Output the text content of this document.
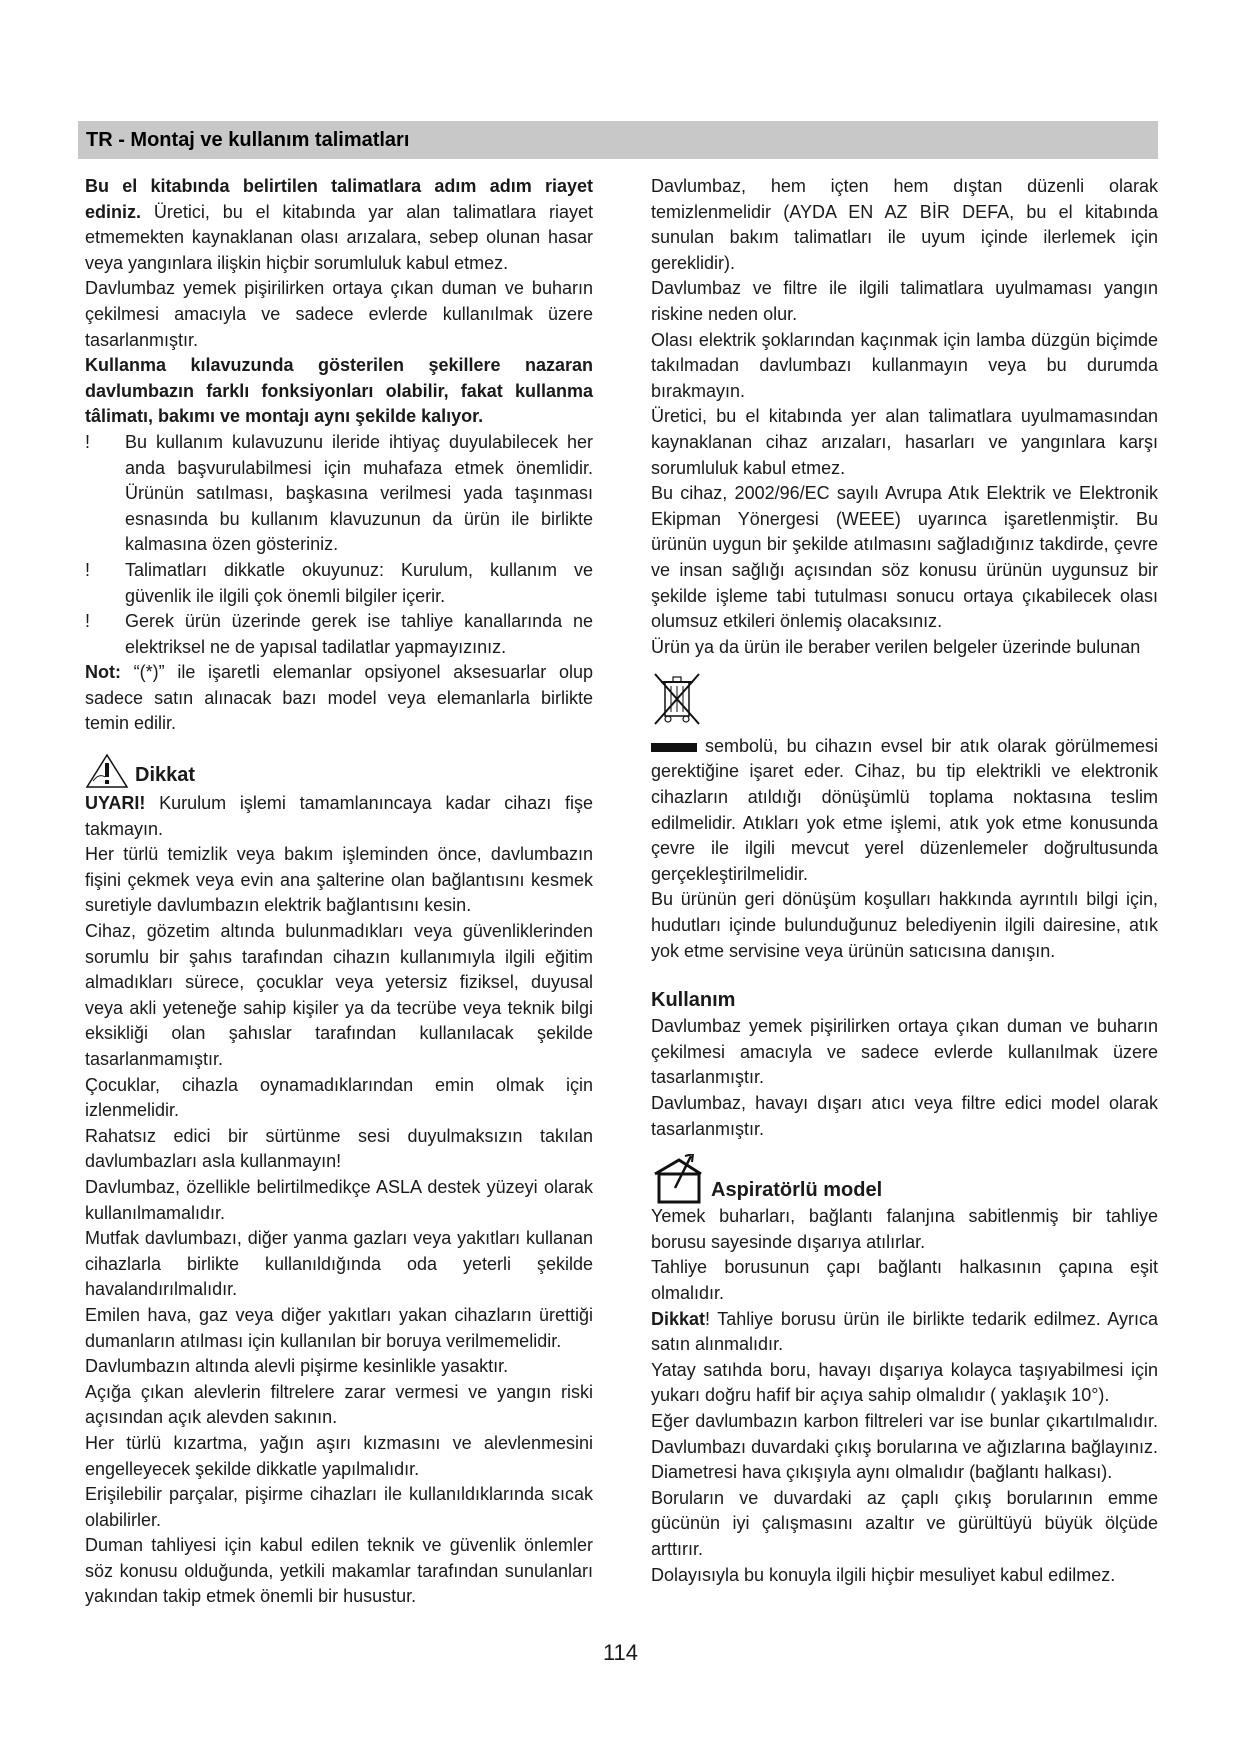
TR - Montaj ve kullanım talimatları

Bu el kitabında belirtilen talimatlara adım adım riayet ediniz. Üretici, bu el kitabında yar alan talimatlara riayet etmemekten kaynaklanan olası arızalara, sebep olunan hasar veya yangınlara ilişkin hiçbir sorumluluk kabul etmez.

Davlumbaz yemek pişirilirken ortaya çıkan duman ve buharın çekilmesi amacıyla ve sadece evlerde kullanılmak üzere tasarlanmıştır.

Kullanma kılavuzunda gösterilen şekillere nazaran davlumbazın farklı fonksiyonları olabilir, fakat kullanma tâlimatı, bakımı ve montajı aynı şekilde kalıyor.

! Bu kullanım kulavuzunu ileride ihtiyaç duyulabilecek her anda başvurulabilmesi için muhafaza etmek önemlidir. Ürünün satılması, başkasına verilmesi yada taşınması esnasında bu kullanım klavuzunun da ürün ile birlikte kalmasına özen gösteriniz.
! Talimatları dikkatle okuyunuz: Kurulum, kullanım ve güvenlik ile ilgili çok önemli bilgiler içerir.
! Gerek ürün üzerinde gerek ise tahliye kanallarında ne elektriksel ne de yapısal tadilatlar yapmayızınız.

Not: “(*)” ile işaretli elemanlar opsiyonel aksesuarlar olup sadece satın alınacak bazı model veya elemanlarla birlikte temin edilir.

Dikkat

UYARI! Kurulum işlemi tamamlanıncaya kadar cihazı fişe takmayın.

Her türlü temizlik veya bakım işleminden önce, davlumbazın fişini çekmek veya evin ana şalterine olan bağlantısını kesmek suretiyle davlumbazın elektrik bağlantısını kesin.

Cihaz, gözetim altında bulunmadıkları veya güvenliklerinden sorumlu bir şahıs tarafından cihazın kullanımıyla ilgili eğitim almadıkları sürece, çocuklar veya yetersiz fiziksel, duyusal veya akli yeteneğe sahip kişiler ya da tecrübe veya teknik bilgi eksikliği olan şahıslar tarafından kullanılacak şekilde tasarlanmamıştır.

Çocuklar, cihazla oynamadıklarından emin olmak için izlenmelidir.

Rahatsız edici bir sürtünme sesi duyulmaksızın takılan davlumbazları asla kullanmayın!

Davlumbaz, özellikle belirtilmedikçe ASLA destek yüzeyi olarak kullanılmamalıdır.

Mutfak davlumbazı, diğer yanma gazları veya yakıtları kullanan cihazlarla birlikte kullanıldığında oda yeterli şekilde havalandırılmalıdır.

Emilen hava, gaz veya diğer yakıtları yakan cihazların ürettiği dumanların atılması için kullanılan bir boruya verilmemelidir.

Davlumbazın altında alevli pişirme kesinlikle yasaktır.

Açığa çıkan alevlerin filtrelere zarar vermesi ve yangın riski açısından açık alevden sakının.

Her türlü kızartma, yağın aşırı kızmasını ve alevlenmesini engelleyecek şekilde dikkatle yapılmalıdır.

Erişilebilir parçalar, pişirme cihazları ile kullanıldıklarında sıcak olabilirler.

Duman tahliyesi için kabul edilen teknik ve güvenlik önlemler söz konusu olduğunda, yetkili makamlar tarafından sunulanları yakından takip etmek önemli bir husustur.

Davlumbaz, hem içten hem dıştan düzenli olarak temizlenmelidir (AYDA EN AZ BİR DEFA, bu el kitabında sunulan bakım talimatları ile uyum içinde ilerlemek için gereklidir).

Davlumbaz ve filtre ile ilgili talimatlara uyulmaması yangın riskine neden olur.

Olası elektrik şoklarından kaçınmak için lamba düzgün biçimde takılmadan davlumbazı kullanmayın veya bu durumda bırakmayın.

Üretici, bu el kitabında yer alan talimatlara uyulmamasından kaynaklanan cihaz arızaları, hasarları ve yangınlara karşı sorumluluk kabul etmez.

Bu cihaz, 2002/96/EC sayılı Avrupa Atık Elektrik ve Elektronik Ekipman Yönergesi (WEEE) uyarınca işaretlenmiştir. Bu ürünün uygun bir şekilde atılmasını sağladığınız takdirde, çevre ve insan sağlığı açısından söz konusu ürünün uygunsuz bir şekilde işleme tabi tutulması sonucu ortaya çıkabilecek olası olumsuz etkileri önlemiş olacaksınız.

Ürün ya da ürün ile beraber verilen belgeler üzerinde bulunan

sembolü, bu cihazın evsel bir atık olarak görülmemesi gerektiğine işaret eder. Cihaz, bu tip elektrikli ve elektronik cihazların atıldığı dönüşümlü toplama noktasına teslim edilmelidir. Atıkları yok etme işlemi, atık yok etme konusunda çevre ile ilgili mevcut yerel düzenlemeler doğrultusunda gerçekleştirilmelidir.

Bu ürünün geri dönüşüm koşulları hakkında ayrıntılı bilgi için, hudutları içinde bulunduğunuz belediyenin ilgili dairesine, atık yok etme servisine veya ürünün satıcısına danışın.

Kullanım

Davlumbaz yemek pişirilirken ortaya çıkan duman ve buharın çekilmesi amacıyla ve sadece evlerde kullanılmak üzere tasarlanmıştır.

Davlumbaz, havayı dışarı atıcı veya filtre edici model olarak tasarlanmıştır.

Aspiratörlü model

Yemek buharları, bağlantı falanjına sabitlenmiş bir tahliye borusu sayesinde dışarıya atılırlar.

Tahliye borusunun çapı bağlantı halkasının çapına eşit olmalıdır.

Dikkat! Tahliye borusu ürün ile birlikte tedarik edilmez. Ayrıca satın alınmalıdır.

Yatay satıhda boru, havayı dışarıya kolayca taşıyabilmesi için yukarı doğru hafif bir açıya sahip olmalıdır ( yaklaşık 10°).

Eğer davlumbazın karbon filtreleri var ise bunlar çıkartılmalıdır. Davlumbazı duvardaki çıkış borularına ve ağızlarına bağlayınız. Diametresi hava çıkışıyla aynı olmalıdır (bağlantı halkası).

Boruların ve duvardaki az çaplı çıkış borularının emme gücünün iyi çalışmasını azaltır ve gürültüyü büyük ölçüde arttırır.

Dolayısıyla bu konuyla ilgili hiçbir mesuliyet kabul edilmez.

114
